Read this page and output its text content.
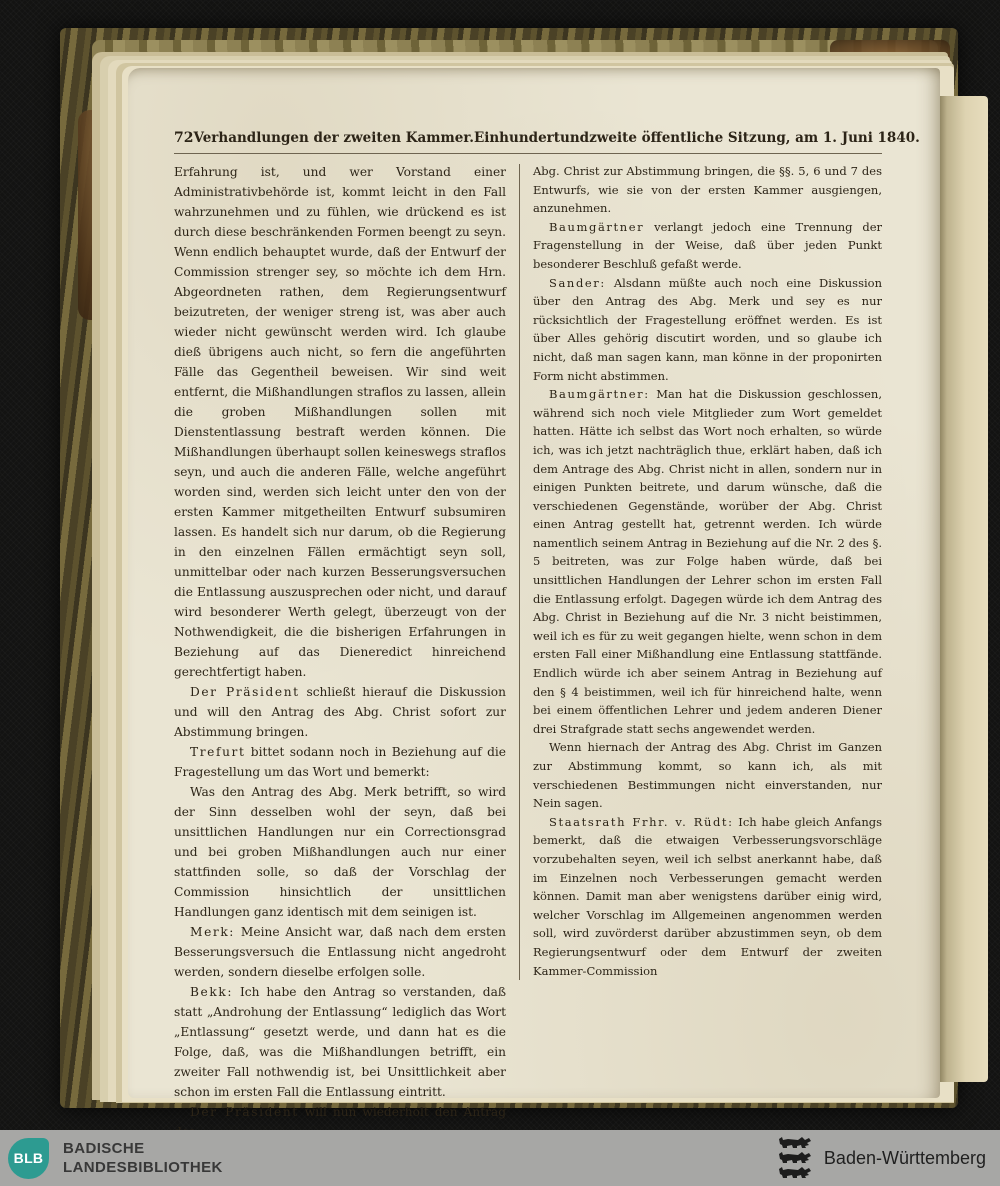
72 Verhandlungen der zweiten Kammer. Einhundertundzweite öffentliche Sitzung, am 1. Juni 1840.

Erfahrung ist, und wer Vorstand einer Administrativbehörde ist, kommt leicht in den Fall wahrzunehmen und zu fühlen, wie drückend es ist durch diese beschränkenden Formen beengt zu seyn. Wenn endlich behauptet wurde, daß der Entwurf der Commission strenger sey, so möchte ich dem Hrn. Abgeordneten rathen, dem Regierungsentwurf beizutreten, der weniger streng ist, was aber auch wieder nicht gewünscht werden wird. Ich glaube dieß übrigens auch nicht, so fern die angeführten Fälle das Gegentheil beweisen. Wir sind weit entfernt, die Mißhandlungen straflos zu lassen, allein die groben Mißhandlungen sollen mit Dienstentlassung bestraft werden können. Die Mißhandlungen überhaupt sollen keineswegs straflos seyn, und auch die anderen Fälle, welche angeführt worden sind, werden sich leicht unter den von der ersten Kammer mitgetheilten Entwurf subsumiren lassen. Es handelt sich nur darum, ob die Regierung in den einzelnen Fällen ermächtigt seyn soll, unmittelbar oder nach kurzen Besserungsversuchen die Entlassung auszusprechen oder nicht, und darauf wird besonderer Werth gelegt, überzeugt von der Nothwendigkeit, die die bisherigen Erfahrungen in Beziehung auf das Dieneredict hinreichend gerechtfertigt haben.

Der Präsident schließt hierauf die Diskussion und will den Antrag des Abg. Christ sofort zur Abstimmung bringen.

Trefurt bittet sodann noch in Beziehung auf die Fragestellung um das Wort und bemerkt:

Was den Antrag des Abg. Merk betrifft, so wird der Sinn desselben wohl der seyn, daß bei unsittlichen Handlungen nur ein Correctionsgrad und bei groben Mißhandlungen auch nur einer stattfinden solle, so daß der Vorschlag der Commission hinsichtlich der unsittlichen Handlungen ganz identisch mit dem seinigen ist.

Merk: Meine Ansicht war, daß nach dem ersten Besserungsversuch die Entlassung nicht angedroht werden, sondern dieselbe erfolgen solle.

Bekk: Ich habe den Antrag so verstanden, daß statt „Androhung der Entlassung“ lediglich das Wort „Entlassung“ gesetzt werde, und dann hat es die Folge, daß, was die Mißhandlungen betrifft, ein zweiter Fall nothwendig ist, bei Unsittlichkeit aber schon im ersten Fall die Entlassung eintritt.

Der Präsident will nun wiederholt den Antrag

Abg. Christ zur Abstimmung bringen, die §§. 5, 6 und 7 des Entwurfs, wie sie von der ersten Kammer ausgiengen, anzunehmen.

Baumgärtner verlangt jedoch eine Trennung der Fragenstellung in der Weise, daß über jeden Punkt besonderer Beschluß gefaßt werde.

Sander: Alsdann müßte auch noch eine Diskussion über den Antrag des Abg. Merk und sey es nur rücksichtlich der Fragestellung eröffnet werden. Es ist über Alles gehörig discutirt worden, und so glaube ich nicht, daß man sagen kann, man könne in der proponirten Form nicht abstimmen.

Baumgärtner: Man hat die Diskussion geschlossen, während sich noch viele Mitglieder zum Wort gemeldet hatten. Hätte ich selbst das Wort noch erhalten, so würde ich, was ich jetzt nachträglich thue, erklärt haben, daß ich dem Antrage des Abg. Christ nicht in allen, sondern nur in einigen Punkten beitrete, und darum wünsche, daß die verschiedenen Gegenstände, worüber der Abg. Christ einen Antrag gestellt hat, getrennt werden. Ich würde namentlich seinem Antrag in Beziehung auf die Nr. 2 des §. 5 beitreten, was zur Folge haben würde, daß bei unsittlichen Handlungen der Lehrer schon im ersten Fall die Entlassung erfolgt. Dagegen würde ich dem Antrag des Abg. Christ in Beziehung auf die Nr. 3 nicht beistimmen, weil ich es für zu weit gegangen hielte, wenn schon in dem ersten Fall einer Mißhandlung eine Entlassung stattfände. Endlich würde ich aber seinem Antrag in Beziehung auf den § 4 beistimmen, weil ich für hinreichend halte, wenn bei einem öffentlichen Lehrer und jedem anderen Diener drei Strafgrade statt sechs angewendet werden.

Wenn hiernach der Antrag des Abg. Christ im Ganzen zur Abstimmung kommt, so kann ich, als mit verschiedenen Bestimmungen nicht einverstanden, nur Nein sagen.

Staatsrath Frhr. v. Rüdt: Ich habe gleich Anfangs bemerkt, daß die etwaigen Verbesserungsvorschläge vorzubehalten seyen, weil ich selbst anerkannt habe, daß im Einzelnen noch Verbesserungen gemacht werden können. Damit man aber wenigstens darüber einig wird, welcher Vorschlag im Allgemeinen angenommen werden soll, wird zuvörderst darüber abzustimmen seyn, ob dem Regierungsentwurf oder dem Entwurf der zweiten Kammer-Commission

BLB
BADISCHE
LANDESBIBLIOTHEK	Baden-Württemberg
